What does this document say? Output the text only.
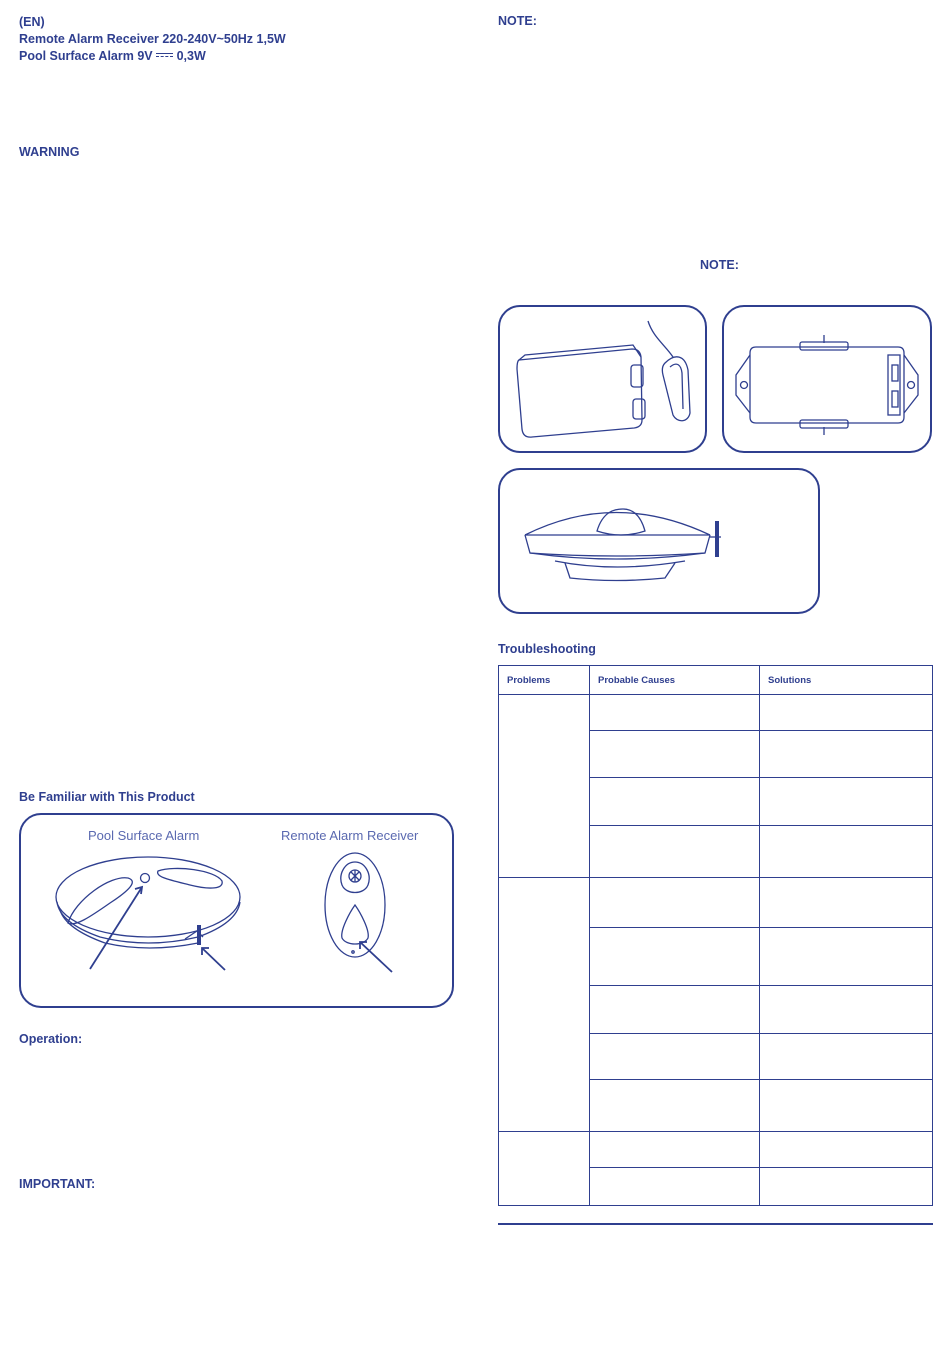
(EN)
Remote Alarm Receiver 220-240V~50Hz 1,5W
Pool Surface Alarm 9V 0,3W
WARNING
Be Familiar with This Product
Pool Surface Alarm	Remote Alarm Receiver
Operation:
IMPORTANT:
NOTE:
NOTE:
Troubleshooting
Problems	Probable Causes	Solutions
